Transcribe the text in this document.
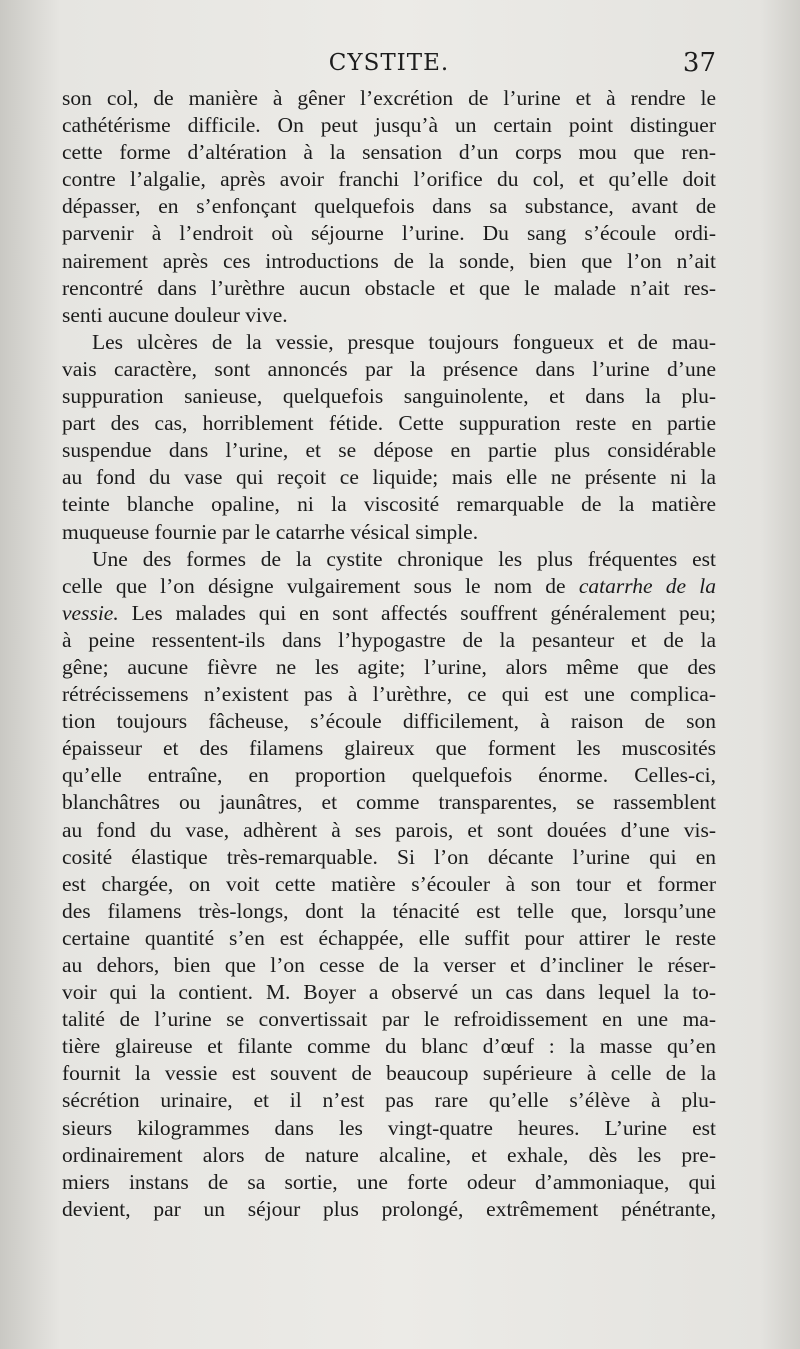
CYSTITE.	37
son col, de manière à gêner l’excrétion de l’urine et à rendre le
cathétérisme difficile. On peut jusqu’à un certain point distinguer
cette forme d’altération à la sensation d’un corps mou que ren-
contre l’algalie, après avoir franchi l’orifice du col, et qu’elle doit
dépasser, en s’enfonçant quelquefois dans sa substance, avant de
parvenir à l’endroit où séjourne l’urine. Du sang s’écoule ordi-
nairement après ces introductions de la sonde, bien que l’on n’ait
rencontré dans l’urèthre aucun obstacle et que le malade n’ait res-
senti aucune douleur vive.
Les ulcères de la vessie, presque toujours fongueux et de mau-
vais caractère, sont annoncés par la présence dans l’urine d’une
suppuration sanieuse, quelquefois sanguinolente, et dans la plu-
part des cas, horriblement fétide. Cette suppuration reste en partie
suspendue dans l’urine, et se dépose en partie plus considérable
au fond du vase qui reçoit ce liquide; mais elle ne présente ni la
teinte blanche opaline, ni la viscosité remarquable de la matière
muqueuse fournie par le catarrhe vésical simple.
Une des formes de la cystite chronique les plus fréquentes est
celle que l’on désigne vulgairement sous le nom de catarrhe de la
vessie. Les malades qui en sont affectés souffrent généralement peu;
à peine ressentent-ils dans l’hypogastre de la pesanteur et de la
gêne; aucune fièvre ne les agite; l’urine, alors même que des
rétrécissemens n’existent pas à l’urèthre, ce qui est une complica-
tion toujours fâcheuse, s’écoule difficilement, à raison de son
épaisseur et des filamens glaireux que forment les muscosités
qu’elle entraîne, en proportion quelquefois énorme. Celles-ci,
blanchâtres ou jaunâtres, et comme transparentes, se rassemblent
au fond du vase, adhèrent à ses parois, et sont douées d’une vis-
cosité élastique très-remarquable. Si l’on décante l’urine qui en
est chargée, on voit cette matière s’écouler à son tour et former
des filamens très-longs, dont la ténacité est telle que, lorsqu’une
certaine quantité s’en est échappée, elle suffit pour attirer le reste
au dehors, bien que l’on cesse de la verser et d’incliner le réser-
voir qui la contient. M. Boyer a observé un cas dans lequel la to-
talité de l’urine se convertissait par le refroidissement en une ma-
tière glaireuse et filante comme du blanc d’œuf : la masse qu’en
fournit la vessie est souvent de beaucoup supérieure à celle de la
sécrétion urinaire, et il n’est pas rare qu’elle s’élève à plu-
sieurs kilogrammes dans les vingt-quatre heures. L’urine est
ordinairement alors de nature alcaline, et exhale, dès les pre-
miers instans de sa sortie, une forte odeur d’ammoniaque, qui
devient, par un séjour plus prolongé, extrêmement pénétrante,
